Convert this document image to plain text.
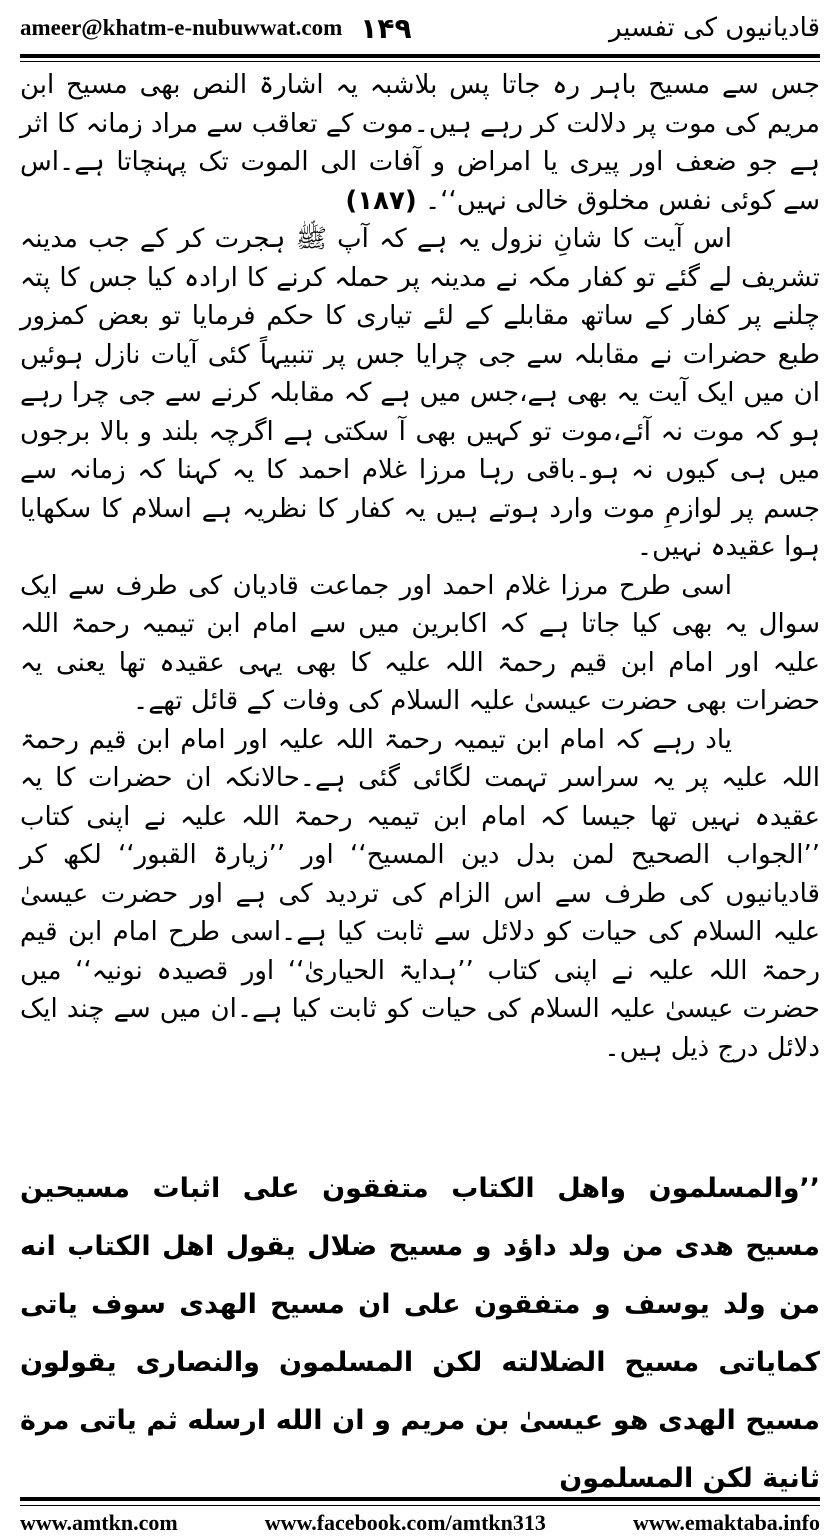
ameer@khatm-e-nubuwwat.com ۱۴۹	قادیانیوں کی تفسیر

جس سے مسیح باہر رہ جاتا پس بلاشبہ یہ اشارۃ النص بھی مسیح ابن مریم کی موت پر دلالت کر رہے ہیں۔موت کے تعاقب سے مراد زمانہ کا اثر ہے جو ضعف اور پیری یا امراض و آفات الی الموت تک پہنچاتا ہے۔اس سے کوئی نفس مخلوق خالی نہیں‘‘۔ (۱۸۷)

اس آیت کا شانِ نزول یہ ہے کہ آپ ﷺ ہجرت کر کے جب مدینہ تشریف لے گئے تو کفار مکہ نے مدینہ پر حملہ کرنے کا ارادہ کیا جس کا پتہ چلنے پر کفار کے ساتھ مقابلے کے لئے تیاری کا حکم فرمایا تو بعض کمزور طبع حضرات نے مقابلہ سے جی چرایا جس پر تنبیہاً کئی آیات نازل ہوئیں ان میں ایک آیت یہ بھی ہے،جس میں ہے کہ مقابلہ کرنے سے جی چرا رہے ہو کہ موت نہ آئے،موت تو کہیں بھی آ سکتی ہے اگرچہ بلند و بالا برجوں میں ہی کیوں نہ ہو۔باقی رہا مرزا غلام احمد کا یہ کہنا کہ زمانہ سے جسم پر لوازمِ موت وارد ہوتے ہیں یہ کفار کا نظریہ ہے اسلام کا سکھایا ہوا عقیدہ نہیں۔

اسی طرح مرزا غلام احمد اور جماعت قادیان کی طرف سے ایک سوال یہ بھی کیا جاتا ہے کہ اکابرین میں سے امام ابن تیمیہ رحمۃ اللہ علیہ اور امام ابن قیم رحمۃ اللہ علیہ کا بھی یہی عقیدہ تھا یعنی یہ حضرات بھی حضرت عیسیٰ علیہ السلام کی وفات کے قائل تھے۔

یاد رہے کہ امام ابن تیمیہ رحمۃ اللہ علیہ اور امام ابن قیم رحمۃ اللہ علیہ پر یہ سراسر تہمت لگائی گئی ہے۔حالانکہ ان حضرات کا یہ عقیدہ نہیں تھا جیسا کہ امام ابن تیمیہ رحمۃ اللہ علیہ نے اپنی کتاب ’’الجواب الصحیح لمن بدل دین المسیح‘‘ اور ’’زیارۃ القبور‘‘ لکھ کر قادیانیوں کی طرف سے اس الزام کی تردید کی ہے اور حضرت عیسیٰ علیہ السلام کی حیات کو دلائل سے ثابت کیا ہے۔اسی طرح امام ابن قیم رحمۃ اللہ علیہ نے اپنی کتاب ’’ہدایۃ الحیاریٰ‘‘ اور قصیدہ نونیہ‘‘ میں حضرت عیسیٰ علیہ السلام کی حیات کو ثابت کیا ہے۔ان میں سے چند ایک دلائل درج ذیل ہیں۔

’’والمسلمون واهل الكتاب متفقون على اثبات مسيحين مسيح هدى من ولد داؤد و مسيح ضلال يقول اهل الكتاب انه من ولد يوسف و متفقون على ان مسيح الهدى سوف ياتى كماياتى مسيح الضلالته لكن المسلمون والنصارى يقولون مسيح الهدى هو عيسىٰ بن مريم و ان الله ارسله ثم ياتى مرة ثانية لكن المسلمون

www.amtkn.com	www.facebook.com/amtkn313	www.emaktaba.info
